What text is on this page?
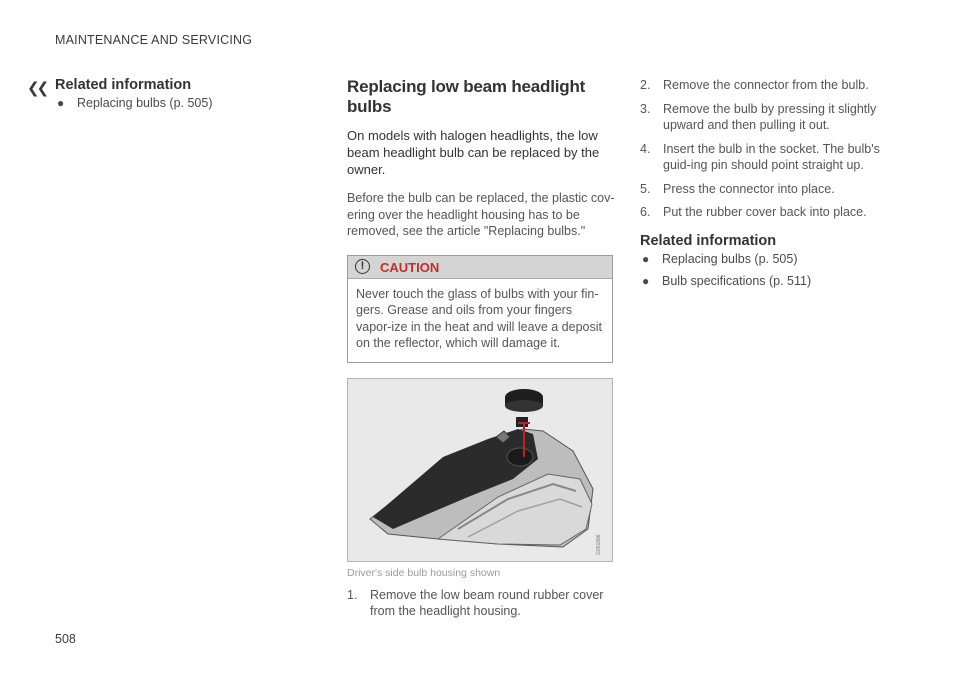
MAINTENANCE AND SERVICING
❮❮ Related information
● Replacing bulbs (p. 505)
Replacing low beam headlight bulbs

On models with halogen headlights, the low beam headlight bulb can be replaced by the owner.

Before the bulb can be replaced, the plastic cov-ering over the headlight housing has to be removed, see the article "Replacing bulbs."

!	CAUTION
Never touch the glass of bulbs with your fin-gers. Grease and oils from your fingers vapor-ize in the heat and will leave a deposit on the reflector, which will damage it.
G051896
Driver's side bulb housing shown
1. Remove the low beam round rubber cover from the headlight housing.
2. Remove the connector from the bulb.
3. Remove the bulb by pressing it slightly upward and then pulling it out.
4. Insert the bulb in the socket. The bulb's guid-ing pin should point straight up.
5. Press the connector into place.
6. Put the rubber cover back into place.
Related information
● Replacing bulbs (p. 505)
● Bulb specifications (p. 511)
508
